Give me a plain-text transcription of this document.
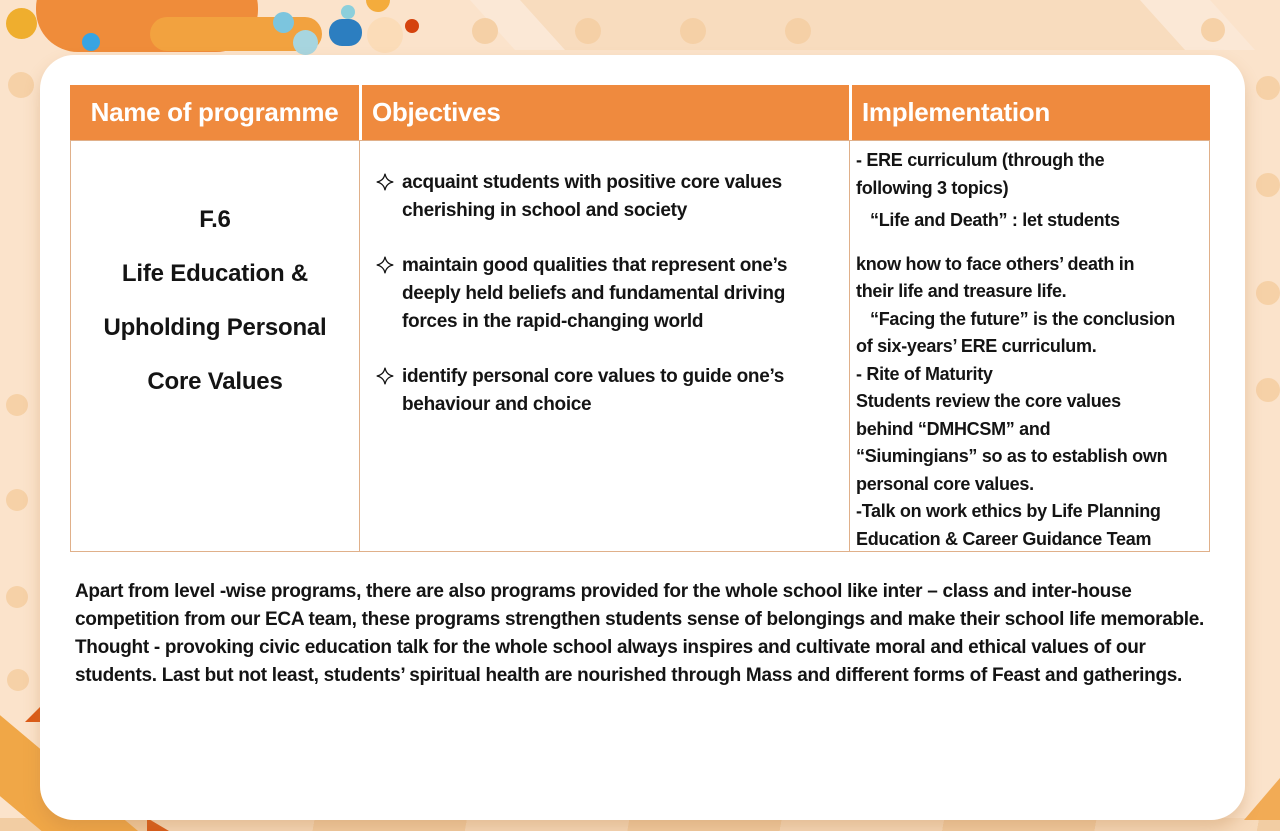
Name of programme	Objectives	Implementation
F.6
Life Education &
Upholding Personal
Core Values
acquaint students with positive core values cherishing in school and society
maintain good qualities that represent one’s deeply held beliefs and fundamental driving forces in the rapid-changing world
identify personal core values to guide one’s behaviour and choice
- ERE curriculum (through the
following 3 topics)
“Life and Death” : let students
know how to face others’ death in
their life and treasure life.
“Facing the future” is the conclusion
of six-years’ ERE curriculum.
- Rite of Maturity
Students review the core values
behind “DMHCSM” and
“Siumingians” so as to establish own
personal core values.
-Talk on work ethics by Life Planning
Education & Career Guidance Team
Apart from level -wise programs, there are also programs provided for the whole school like inter – class and inter-house competition from our ECA team, these programs strengthen students sense of belongings and make their school life memorable. Thought - provoking civic education talk for the whole school always inspires and cultivate moral and ethical values of our students. Last but not least, students’ spiritual health are nourished through Mass and different forms of Feast and gatherings.
